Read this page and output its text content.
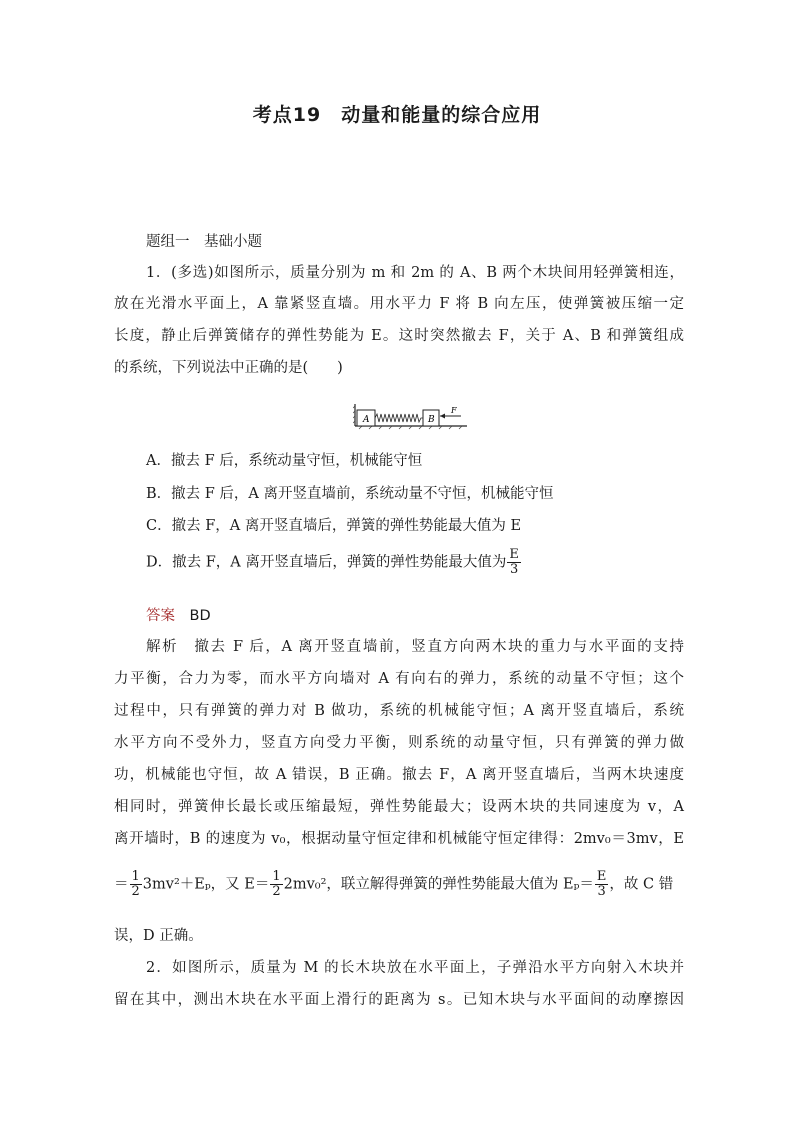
考点19　动量和能量的综合应用
题组一　基础小题
1．(多选)如图所示，质量分别为 m 和 2m 的 A、B 两个木块间用轻弹簧相连，
放在光滑水平面上，A 靠紧竖直墙。用水平力 F 将 B 向左压，使弹簧被压缩一定
长度，静止后弹簧储存的弹性势能为 E。这时突然撤去 F，关于 A、B 和弹簧组成
的系统，下列说法中正确的是(　　)
A	B
F
A．撤去 F 后，系统动量守恒，机械能守恒
B．撤去 F 后，A 离开竖直墙前，系统动量不守恒，机械能守恒
C．撤去 F，A 离开竖直墙后，弹簧的弹性势能最大值为 E
D．撤去 F，A 离开竖直墙后，弹簧的弹性势能最大值为 $\frac{E}{3}$
答案　 BD
解析　撤去 F 后，A 离开竖直墙前，竖直方向两木块的重力与水平面的支持
力平衡，合力为零，而水平方向墙对 A 有向右的弹力，系统的动量不守恒；这个
过程中，只有弹簧的弹力对 B 做功，系统的机械能守恒；A 离开竖直墙后，系统
水平方向不受外力，竖直方向受力平衡，则系统的动量守恒，只有弹簧的弹力做
功，机械能也守恒，故 A 错误，B 正确。撤去 F，A 离开竖直墙后，当两木块速度
相同时，弹簧伸长最长或压缩最短，弹性势能最大；设两木块的共同速度为 v，A
离开墙时，B 的速度为 v₀，根据动量守恒定律和机械能守恒定律得：2mv₀＝3mv，E
＝ $\frac{1}{2} 3mv^2+E_p$，又 $E= \frac{1}{2} 2mv_0^2$，联立解得弹簧的弹性势能最大值为 $E_p= \frac{E}{3}$ ，故 C 错
误，D 正确。
2．如图所示，质量为 M 的长木块放在水平面上，子弹沿水平方向射入木块并
留在其中，测出木块在水平面上滑行的距离为 s。已知木块与水平面间的动摩擦因
